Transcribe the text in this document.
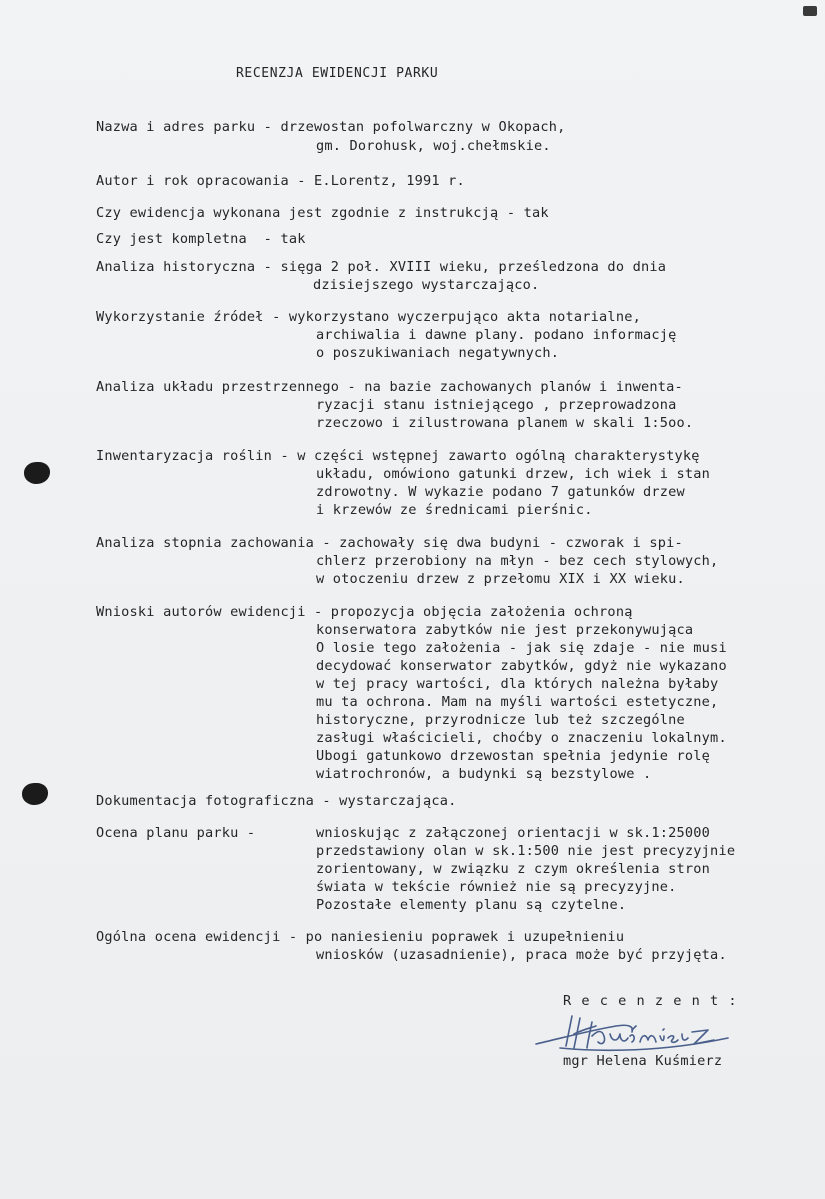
RECENZJA EWIDENCJI PARKU
Nazwa i adres parku - drzewostan pofolwarczny w Okopach,
gm. Dorohusk, woj.chełmskie.
Autor i rok opracowania - E.Lorentz, 1991 r.
Czy ewidencja wykonana jest zgodnie z instrukcją - tak
Czy jest kompletna  - tak
Analiza historyczna - sięga 2 poł. XVIII wieku, prześledzona do dnia
dzisiejszego wystarczająco.
Wykorzystanie źródeł - wykorzystano wyczerpująco akta notarialne,
archiwalia i dawne plany. podano informację
o poszukiwaniach negatywnych.
Analiza układu przestrzennego - na bazie zachowanych planów i inwenta-
ryzacji stanu istniejącego , przeprowadzona
rzeczowo i zilustrowana planem w skali 1:5oo.
Inwentaryzacja roślin - w części wstępnej zawarto ogólną charakterystykę
układu, omówiono gatunki drzew, ich wiek i stan
zdrowotny. W wykazie podano 7 gatunków drzew
i krzewów ze średnicami pierśnic.
Analiza stopnia zachowania - zachowały się dwa budyni - czworak i spi-
chlerz przerobiony na młyn - bez cech stylowych,
w otoczeniu drzew z przełomu XIX i XX wieku.
Wnioski autorów ewidencji - propozycja objęcia założenia ochroną
konserwatora zabytków nie jest przekonywująca
O losie tego założenia - jak się zdaje - nie musi
decydować konserwator zabytków, gdyż nie wykazano
w tej pracy wartości, dla których należna byłaby
mu ta ochrona. Mam na myśli wartości estetyczne,
historyczne, przyrodnicze lub też szczególne
zasługi właścicieli, choćby o znaczeniu lokalnym.
Ubogi gatunkowo drzewostan spełnia jedynie rolę
wiatrochronów, a budynki są bezstylowe .
Dokumentacja fotograficzna - wystarczająca.
Ocena planu parku -	wnioskując z załączonej orientacji w sk.1:25000
przedstawiony olan w sk.1:500 nie jest precyzyjnie
zorientowany, w związku z czym określenia stron
świata w tekście również nie są precyzyjne.
Pozostałe elementy planu są czytelne.
Ogólna ocena ewidencji - po naniesieniu poprawek i uzupełnieniu
wniosków (uzasadnienie), praca może być przyjęta.
R e c e n z e n t :
mgr Helena Kuśmierz
